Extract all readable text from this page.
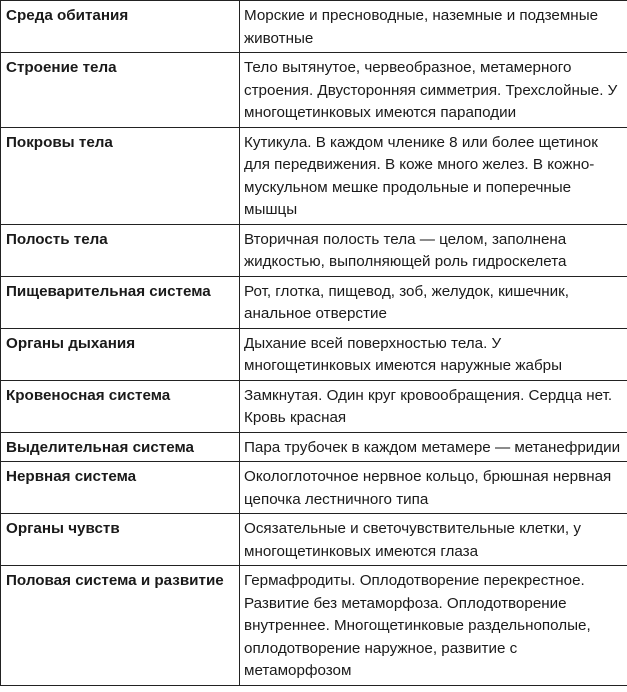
Среда обитания	Морские и пресноводные, наземные и подземные животные
Строение тела	Тело вытянутое, червеобразное, метамерного строения. Двусторонняя симметрия. Трехслойные. У многощетинковых имеются параподии
Покровы тела	Кутикула. В каждом членике 8 или более щетинок для передвижения. В коже много желез. В кожно-мускульном мешке продольные и поперечные мышцы
Полость тела	Вторичная полость тела — целом, заполнена жидкостью, выполняющей роль гидроскелета
Пищеварительная система	Рот, глотка, пищевод, зоб, желудок, кишечник, анальное отверстие
Органы дыхания	Дыхание всей поверхностью тела. У многощетинковых имеются наружные жабры
Кровеносная система	Замкнутая. Один круг кровообращения. Сердца нет. Кровь красная
Выделительная система	Пара трубочек в каждом метамере — метанефридии
Нервная система	Окологлоточное нервное кольцо, брюшная нервная цепочка лестничного типа
Органы чувств	Осязательные и светочувствительные клетки, у многощетинковых имеются глаза
Половая система и развитие	Гермафродиты. Оплодотворение перекрестное. Развитие без метаморфоза. Оплодотворение внутреннее. Многощетинковые раздельнополые, оплодотворение наружное, развитие с метаморфозом
